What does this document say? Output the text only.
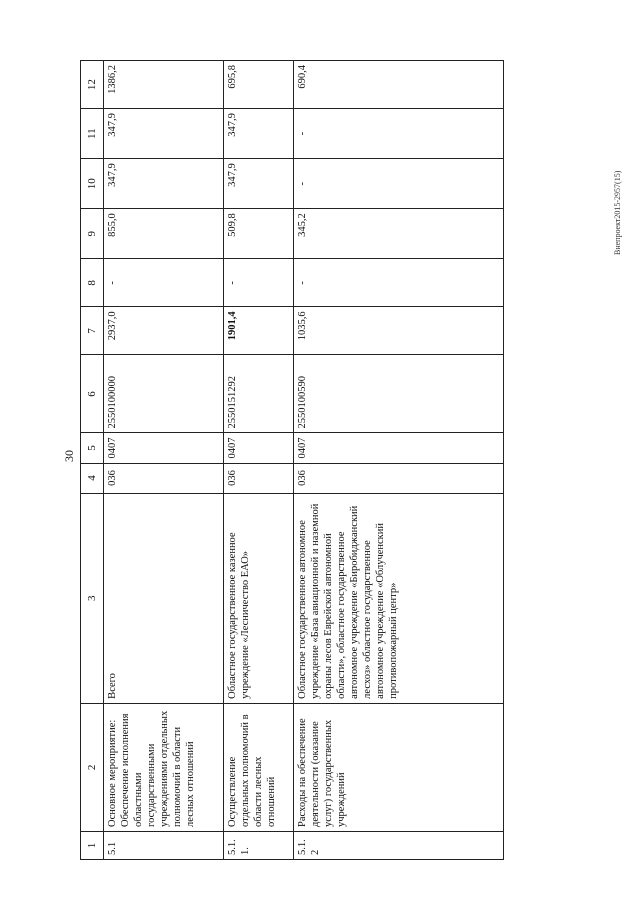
30
1	2	3	4	5	6	7	8	9	10	11	12
5.1	Основное мероприятие: Обеспечение исполнения областными государственными учреждениями отдельных полномочий в области лесных отношений	Всего	036	0407	2550100000	2937,0	-	855,0	347,9	347,9	1386,2
5.1.1.	Осуществление отдельных полномочий в области лесных отношений	Областное государственное казенное учреждение «Лесничество ЕАО»	036	0407	2550151292	1901,4	-	509,8	347,9	347,9	695,8
5.1.2	Расходы на обеспечение деятельности (оказание услуг) государственных учреждений	Областное государственное автономное учреждение «База авиационной и наземной охраны лесов Еврейской автономной области», областное государственное автономное учреждение «Биробиджанский лесхоз» областное государственное автономное учреждение «Облученский противопожарный центр»	036	0407	2550100590	1035,6	-	345,2	-	-	690,4
Внепроект2015-2957(15)
